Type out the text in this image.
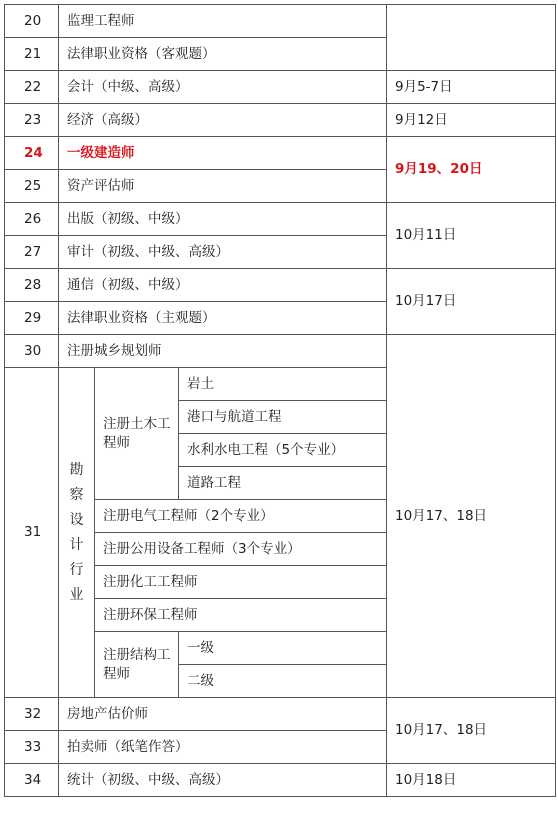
20	监理工程师				
21	法律职业资格（客观题）				
22	会计（中级、高级）			9月5-7日	
23	经济（高级）			9月12日	
24	一级建造师			9月19、20日	
25	资产评估师				
26	出版（初级、中级）			10月11日	
27	审计（初级、中级、高级）				
28	通信（初级、中级）			10月17日	
29	法律职业资格（主观题）				
30	注册城乡规划师			10月17、18日	
31	勘察设计行业	注册土木工程师	岩土		
			港口与航道工程		
			水利水电工程（5个专业）		
			道路工程		
		注册电气工程师（2个专业）			
		注册公用设备工程师（3个专业）			
		注册化工工程师			
		注册环保工程师			
		注册结构工程师	一级		
			二级	
32	房地产估价师			10月17、18日	
33	拍卖师（纸笔作答）				
34	统计（初级、中级、高级）			10月18日	
